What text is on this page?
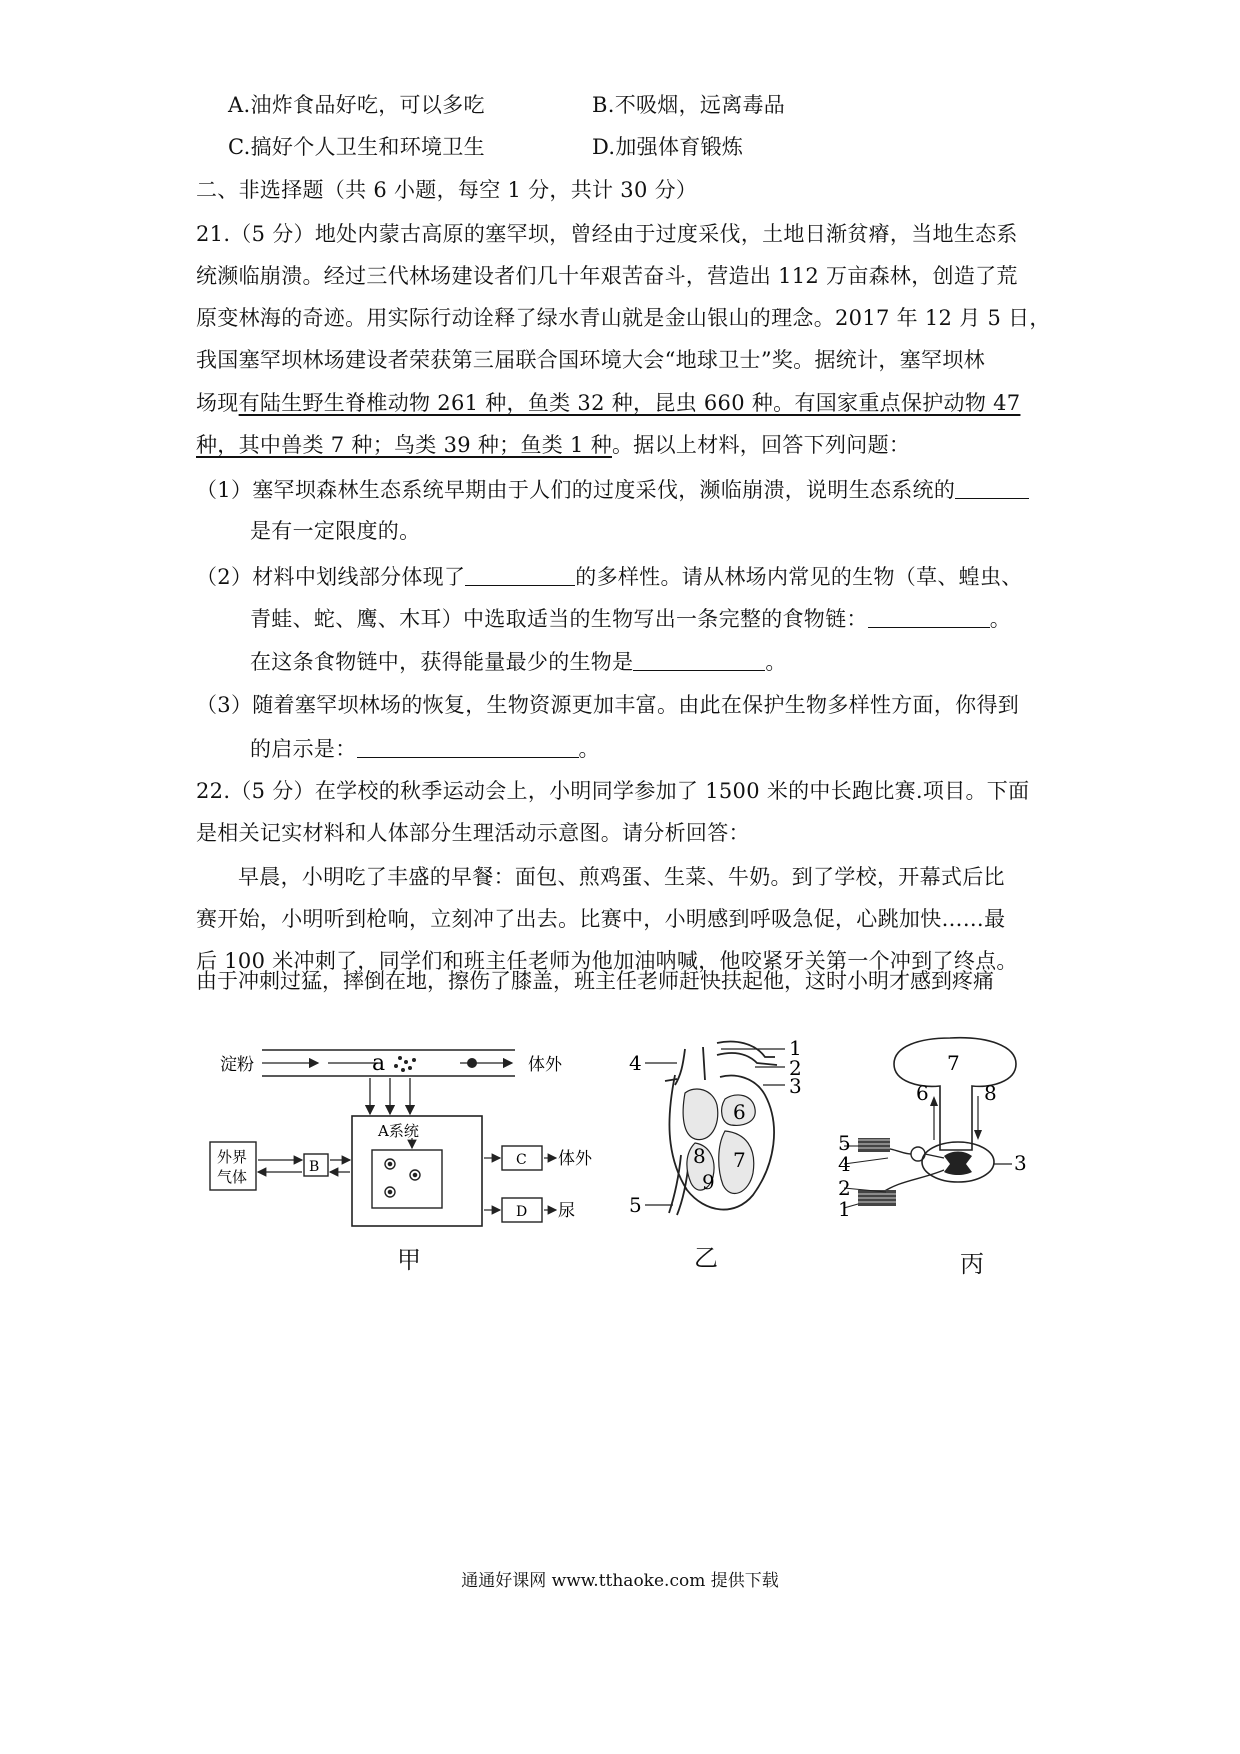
A.油炸食品好吃，可以多吃	B.不吸烟，远离毒品
C.搞好个人卫生和环境卫生	D.加强体育锻炼
二、非选择题（共 6 小题，每空 1 分，共计 30 分）
21.（5 分）地处内蒙古高原的塞罕坝，曾经由于过度采伐，土地日渐贫瘠，当地生态系
统濒临崩溃。经过三代林场建设者们几十年艰苦奋斗，营造出 112 万亩森林，创造了荒
原变林海的奇迹。用实际行动诠释了绿水青山就是金山银山的理念。2017 年 12 月 5 日，
我国塞罕坝林场建设者荣获第三届联合国环境大会“地球卫士”奖。据统计，塞罕坝林
场现有陆生野生脊椎动物 261 种，鱼类 32 种，昆虫 660 种。有国家重点保护动物 47
种，其中兽类 7 种；鸟类 39 种；鱼类 1 种。据以上材料，回答下列问题：
（1）塞罕坝森林生态系统早期由于人们的过度采伐，濒临崩溃，说明生态系统的
是有一定限度的。
（2）材料中划线部分体现了	的多样性。请从林场内常见的生物（草、蝗虫、
青蛙、蛇、鹰、木耳）中选取适当的生物写出一条完整的食物链：	。
在这条食物链中，获得能量最少的生物是	。
（3）随着塞罕坝林场的恢复，生物资源更加丰富。由此在保护生物多样性方面，你得到
的启示是：	。
22.（5 分）在学校的秋季运动会上，小明同学参加了 1500 米的中长跑比赛.项目。下面
是相关记实材料和人体部分生理活动示意图。请分析回答：
早晨，小明吃了丰盛的早餐：面包、煎鸡蛋、生菜、牛奶。到了学校，开幕式后比
赛开始，小明听到枪响，立刻冲了出去。比赛中，小明感到呼吸急促，心跳加快……最
后 100 米冲刺了，同学们和班主任老师为他加油呐喊，他咬紧牙关第一个冲到了终点。
由于冲刺过猛，摔倒在地，擦伤了膝盖，班主任老师赶快扶起他，这时小明才感到疼痛
淀粉	a	体外
A系统
外界
气体
B	C 体外
D 尿
甲
1
2
3
4
5
6
7
8
9
乙
7
6	8
3
5
4
2
1
丙
通通好课网 www.tthaoke.com 提供下载
